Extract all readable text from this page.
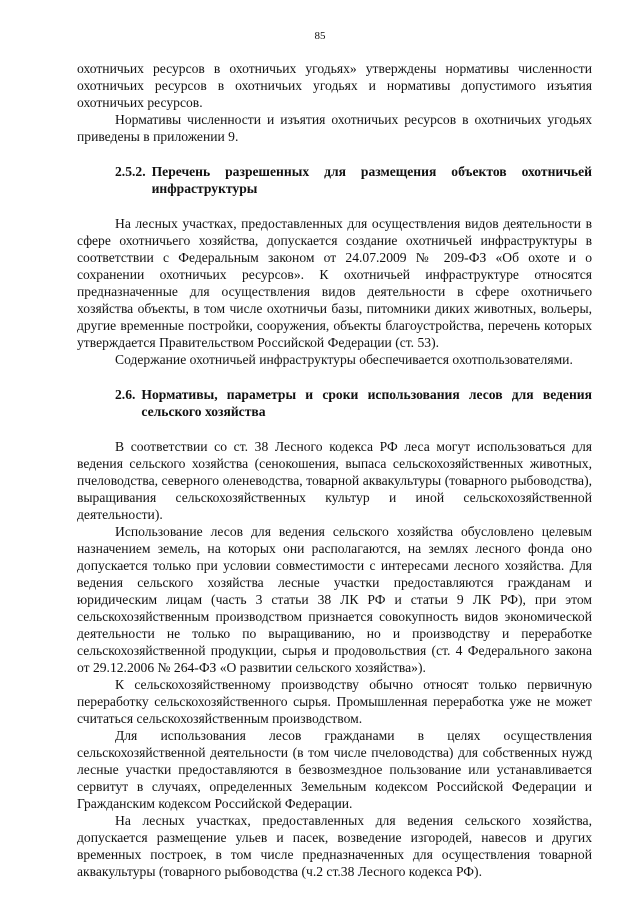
85

охотничьих ресурсов в охотничьих угодьях» утверждены нормативы численности охотничьих ресурсов в охотничьих угодьях и нормативы допустимого изъятия охотничьих ресурсов.

Нормативы численности и изъятия охотничьих ресурсов в охотничьих угодьях приведены в приложении 9.

2.5.2. Перечень разрешенных для размещения объектов охотничьей инфраструктуры

На лесных участках, предоставленных для осуществления видов деятельности в сфере охотничьего хозяйства, допускается создание охотничьей инфраструктуры в соответствии с Федеральным законом от 24.07.2009 № 209-ФЗ «Об охоте и о сохранении охотничьих ресурсов». К охотничьей инфраструктуре относятся предназначенные для осуществления видов деятельности в сфере охотничьего хозяйства объекты, в том числе охотничьи базы, питомники диких животных, вольеры, другие временные постройки, сооружения, объекты благоустройства, перечень которых утверждается Правительством Российской Федерации (ст. 53).

Содержание охотничьей инфраструктуры обеспечивается охотпользователями.

2.6. Нормативы, параметры и сроки использования лесов для ведения сельского хозяйства

В соответствии со ст. 38 Лесного кодекса РФ леса могут использоваться для ведения сельского хозяйства (сенокошения, выпаса сельскохозяйственных животных, пчеловодства, северного оленеводства, товарной аквакультуры (товарного рыбоводства), выращивания сельскохозяйственных культур и иной сельскохозяйственной деятельности).

Использование лесов для ведения сельского хозяйства обусловлено целевым назначением земель, на которых они располагаются, на землях лесного фонда оно допускается только при условии совместимости с интересами лесного хозяйства. Для ведения сельского хозяйства лесные участки предоставляются гражданам и юридическим лицам (часть 3 статьи 38 ЛК РФ и статьи 9 ЛК РФ), при этом сельскохозяйственным производством признается совокупность видов экономической деятельности не только по выращиванию, но и производству и переработке сельскохозяйственной продукции, сырья и продовольствия (ст. 4 Федерального закона от 29.12.2006 № 264-ФЗ «О развитии сельского хозяйства»).

К сельскохозяйственному производству обычно относят только первичную переработку сельскохозяйственного сырья. Промышленная переработка уже не может считаться сельскохозяйственным производством.

Для использования лесов гражданами в целях осуществления сельскохозяйственной деятельности (в том числе пчеловодства) для собственных нужд лесные участки предоставляются в безвозмездное пользование или устанавливается сервитут в случаях, определенных Земельным кодексом Российской Федерации и Гражданским кодексом Российской Федерации.

На лесных участках, предоставленных для ведения сельского хозяйства, допускается размещение ульев и пасек, возведение изгородей, навесов и других временных построек, в том числе предназначенных для осуществления товарной аквакультуры (товарного рыбоводства (ч.2 ст.38 Лесного кодекса РФ).
